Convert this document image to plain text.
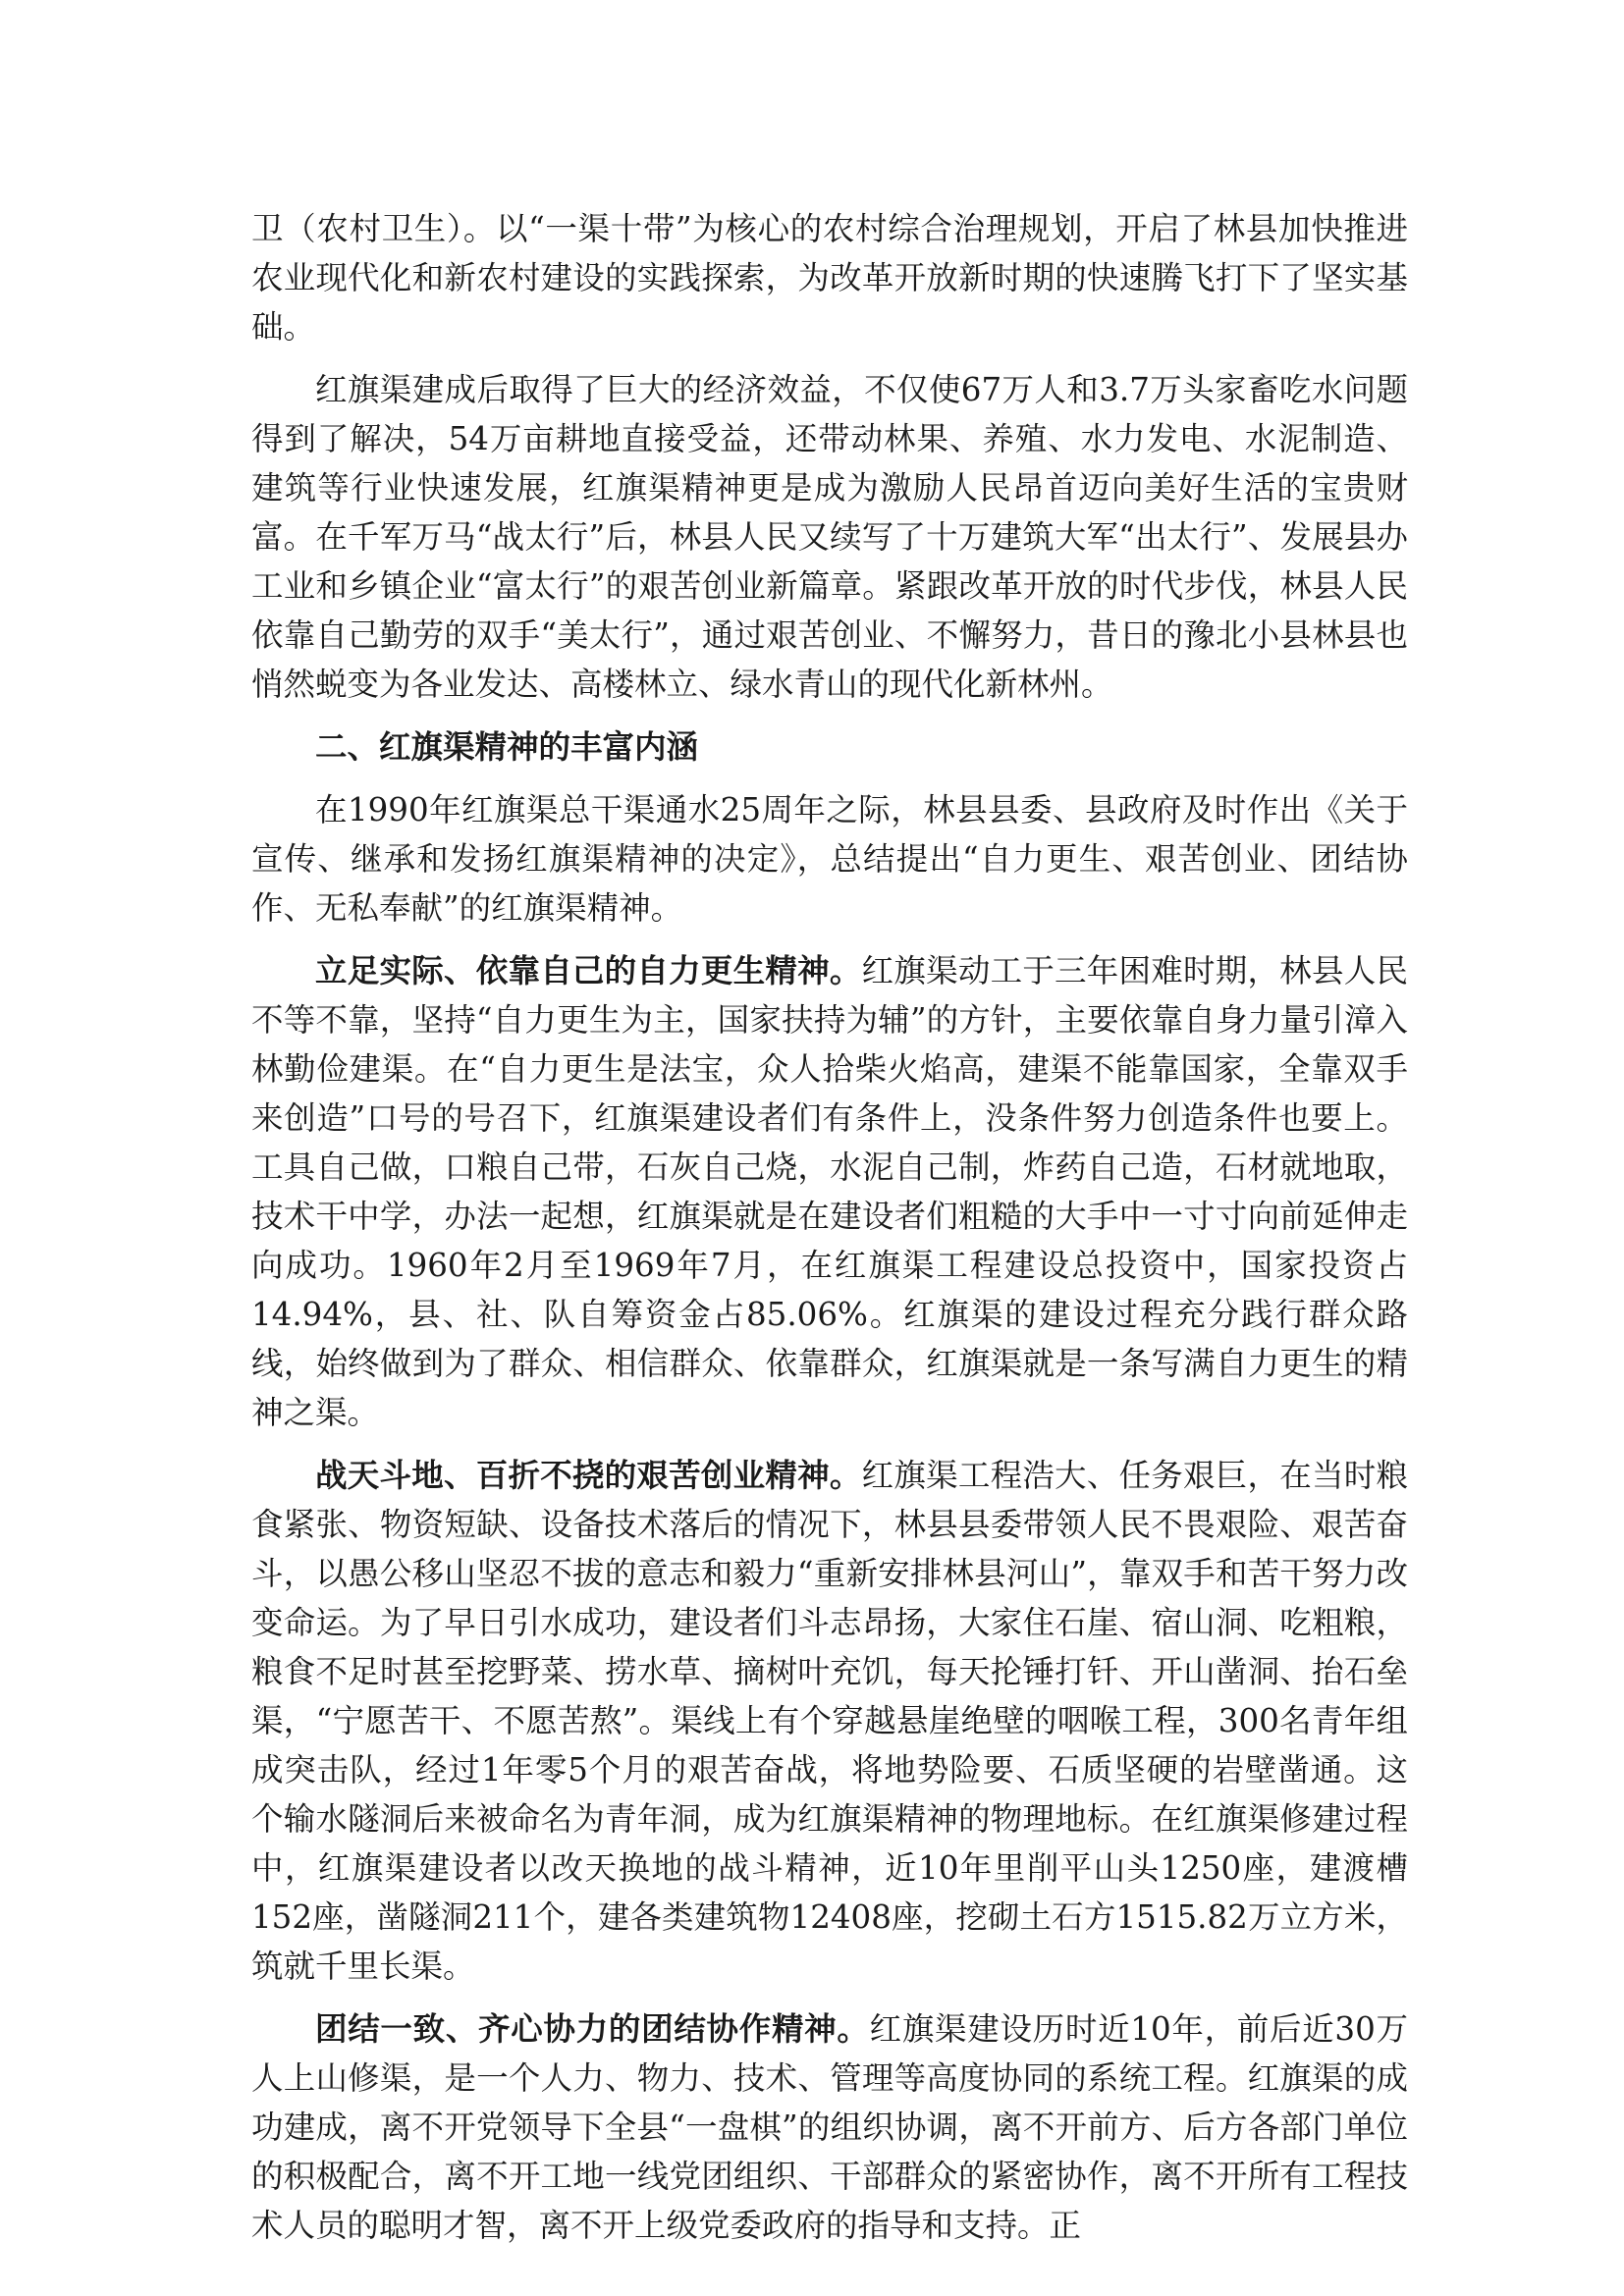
卫（农村卫生）。以“一渠十带”为核心的农村综合治理规划，开启了林县加快推进农业现代化和新农村建设的实践探索，为改革开放新时期的快速腾飞打下了坚实基础。

红旗渠建成后取得了巨大的经济效益，不仅使67万人和3.7万头家畜吃水问题得到了解决，54万亩耕地直接受益，还带动林果、养殖、水力发电、水泥制造、建筑等行业快速发展，红旗渠精神更是成为激励人民昂首迈向美好生活的宝贵财富。在千军万马“战太行”后，林县人民又续写了十万建筑大军“出太行”、发展县办工业和乡镇企业“富太行”的艰苦创业新篇章。紧跟改革开放的时代步伐，林县人民依靠自己勤劳的双手“美太行”，通过艰苦创业、不懈努力，昔日的豫北小县林县也悄然蜕变为各业发达、高楼林立、绿水青山的现代化新林州。

二、红旗渠精神的丰富内涵

在1990年红旗渠总干渠通水25周年之际，林县县委、县政府及时作出《关于宣传、继承和发扬红旗渠精神的决定》，总结提出“自力更生、艰苦创业、团结协作、无私奉献”的红旗渠精神。

立足实际、依靠自己的自力更生精神。红旗渠动工于三年困难时期，林县人民不等不靠，坚持“自力更生为主，国家扶持为辅”的方针，主要依靠自身力量引漳入林勤俭建渠。在“自力更生是法宝，众人拾柴火焰高，建渠不能靠国家，全靠双手来创造”口号的号召下，红旗渠建设者们有条件上，没条件努力创造条件也要上。工具自己做，口粮自己带，石灰自己烧，水泥自己制，炸药自己造，石材就地取，技术干中学，办法一起想，红旗渠就是在建设者们粗糙的大手中一寸寸向前延伸走向成功。1960年2月至1969年7月，在红旗渠工程建设总投资中，国家投资占14.94%，县、社、队自筹资金占85.06%。红旗渠的建设过程充分践行群众路线，始终做到为了群众、相信群众、依靠群众，红旗渠就是一条写满自力更生的精神之渠。

战天斗地、百折不挠的艰苦创业精神。红旗渠工程浩大、任务艰巨，在当时粮食紧张、物资短缺、设备技术落后的情况下，林县县委带领人民不畏艰险、艰苦奋斗，以愚公移山坚忍不拔的意志和毅力“重新安排林县河山”，靠双手和苦干努力改变命运。为了早日引水成功，建设者们斗志昂扬，大家住石崖、宿山洞、吃粗粮，粮食不足时甚至挖野菜、捞水草、摘树叶充饥，每天抡锤打钎、开山凿洞、抬石垒渠，“宁愿苦干、不愿苦熬”。渠线上有个穿越悬崖绝壁的咽喉工程，300名青年组成突击队，经过1年零5个月的艰苦奋战，将地势险要、石质坚硬的岩壁凿通。这个输水隧洞后来被命名为青年洞，成为红旗渠精神的物理地标。在红旗渠修建过程中，红旗渠建设者以改天换地的战斗精神，近10年里削平山头1250座，建渡槽152座，凿隧洞211个，建各类建筑物12408座，挖砌土石方1515.82万立方米，筑就千里长渠。

团结一致、齐心协力的团结协作精神。红旗渠建设历时近10年，前后近30万人上山修渠，是一个人力、物力、技术、管理等高度协同的系统工程。红旗渠的成功建成，离不开党领导下全县“一盘棋”的组织协调，离不开前方、后方各部门单位的积极配合，离不开工地一线党团组织、干部群众的紧密协作，离不开所有工程技术人员的聪明才智，离不开上级党委政府的指导和支持。正
